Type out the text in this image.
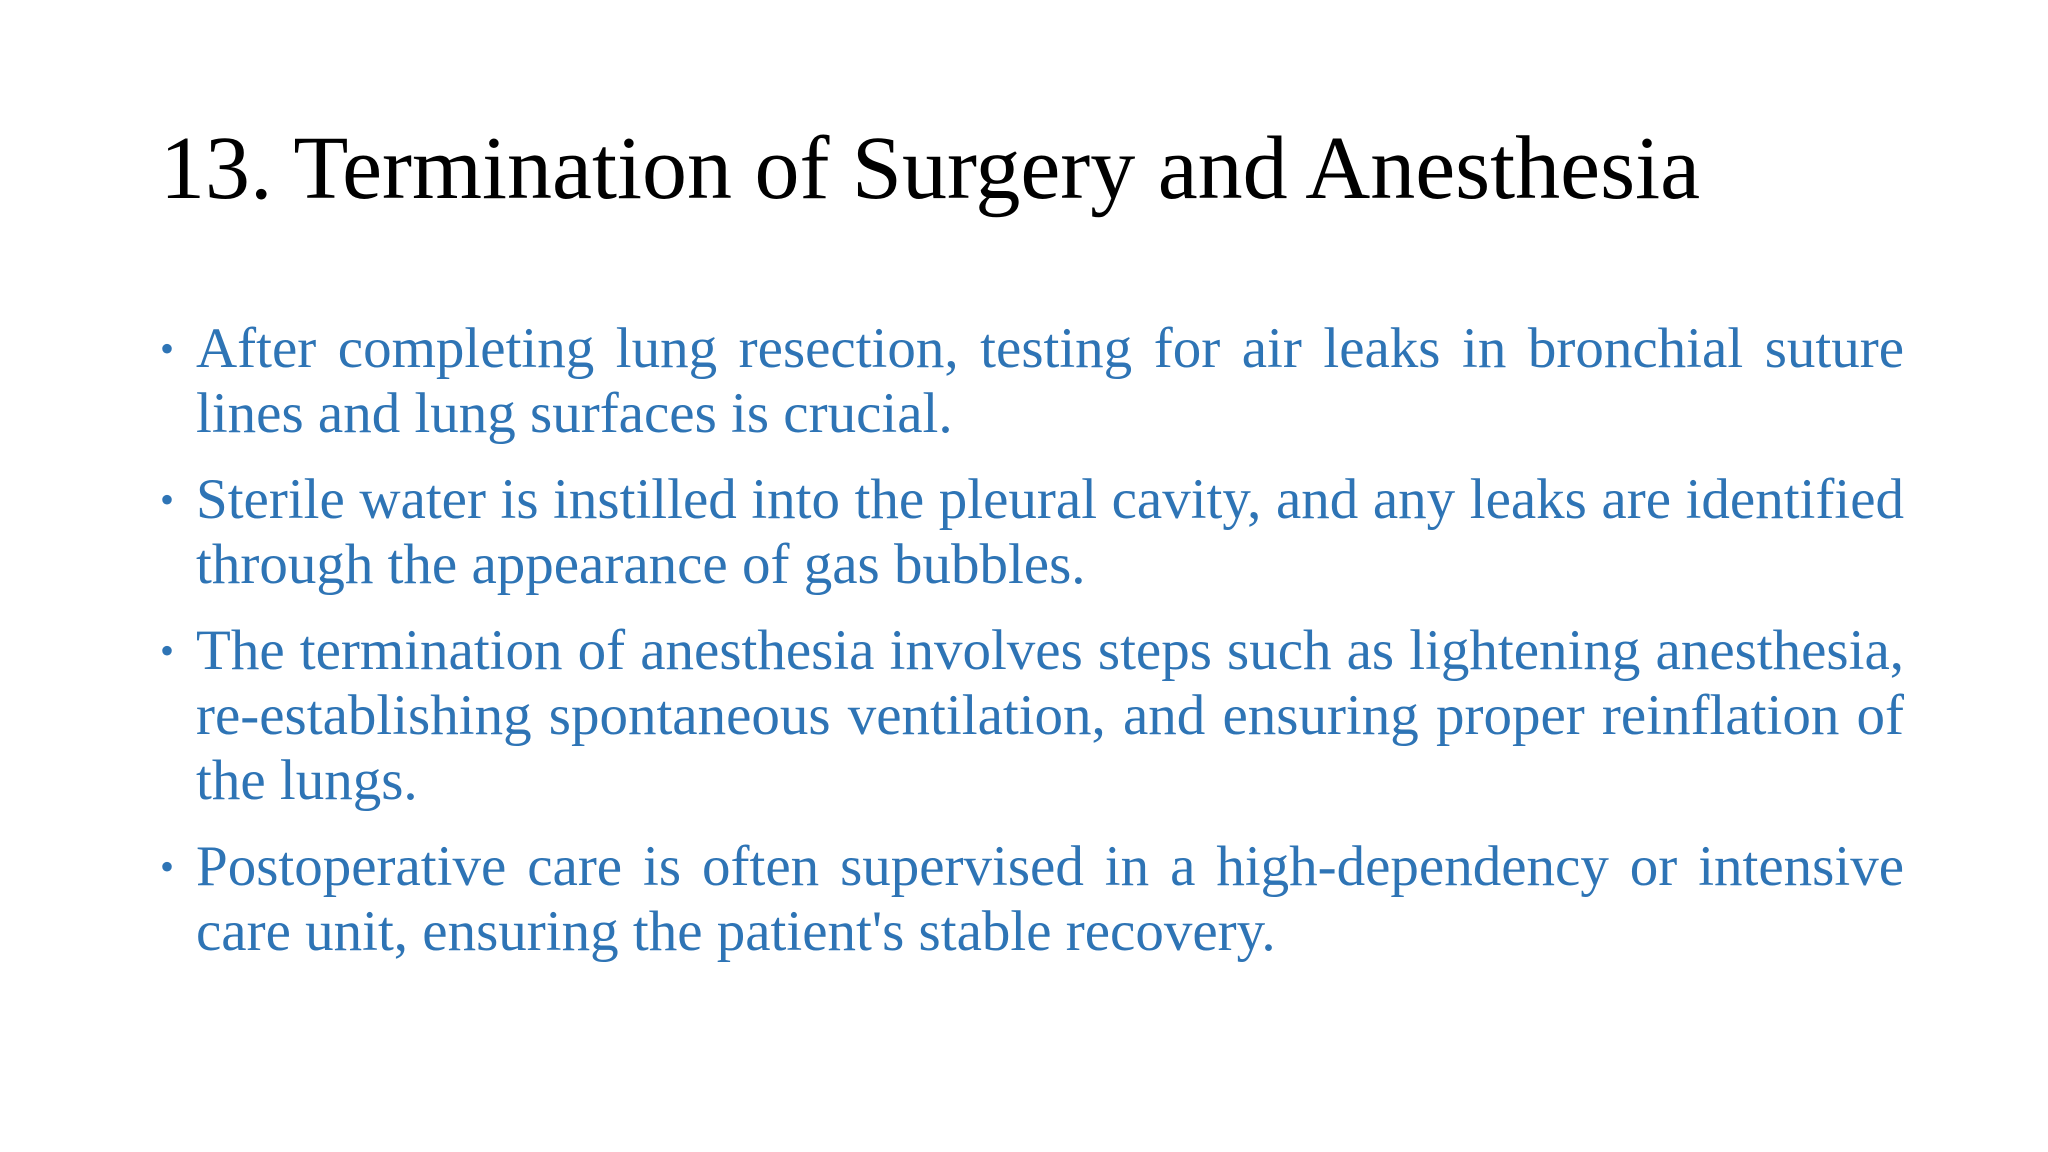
13. Termination of Surgery and Anesthesia
• After completing lung resection, testing for air leaks in bronchial suture lines and lung surfaces is crucial.
• Sterile water is instilled into the pleural cavity, and any leaks are identified through the appearance of gas bubbles.
• The termination of anesthesia involves steps such as lightening anesthesia, re-establishing spontaneous ventilation, and ensuring proper reinflation of the lungs.
• Postoperative care is often supervised in a high-dependency or intensive care unit, ensuring the patient's stable recovery.
